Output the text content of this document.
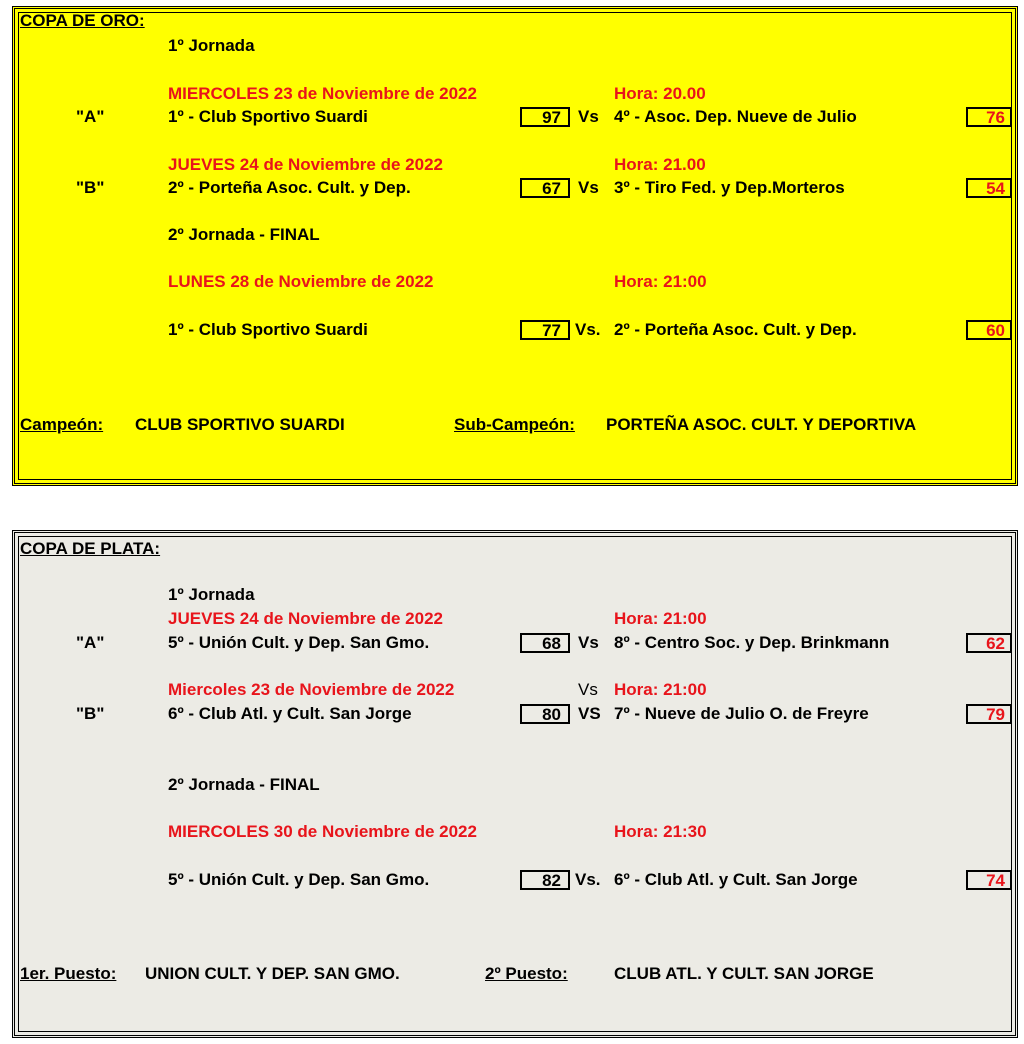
COPA DE ORO:
1º Jornada
MIERCOLES 23 de Noviembre de 2022	Hora: 20.00
"A"	1º - Club Sportivo Suardi	97	Vs 4º - Asoc. Dep. Nueve de Julio	76
JUEVES 24 de Noviembre de 2022	Hora: 21.00
"B"	2º - Porteña Asoc. Cult. y Dep.	67	Vs 3º - Tiro Fed. y Dep.Morteros	54
2º Jornada - FINAL
LUNES 28 de Noviembre de 2022	Hora: 21:00
1º - Club Sportivo Suardi	77 Vs. 2º - Porteña Asoc. Cult. y Dep.	60
Campeón: CLUB SPORTIVO SUARDI	Sub-Campeón: PORTEÑA ASOC. CULT. Y DEPORTIVA
COPA DE PLATA:
1º Jornada
JUEVES 24 de Noviembre de 2022	Hora: 21:00
"A"	5º - Unión Cult. y Dep. San Gmo.	68	Vs 8º - Centro Soc. y Dep. Brinkmann	62
Miercoles 23 de Noviembre de 2022	Vs Hora: 21:00
"B"	6º - Club Atl. y Cult. San Jorge	80	VS 7º - Nueve de Julio O. de Freyre	79
2º Jornada - FINAL
MIERCOLES 30 de Noviembre de 2022	Hora: 21:30
5º - Unión Cult. y Dep. San Gmo.	82 Vs. 6º - Club Atl. y Cult. San Jorge	74
1er. Puesto: UNION CULT. Y DEP. SAN GMO.	2º Puesto:	CLUB ATL. Y CULT. SAN JORGE
